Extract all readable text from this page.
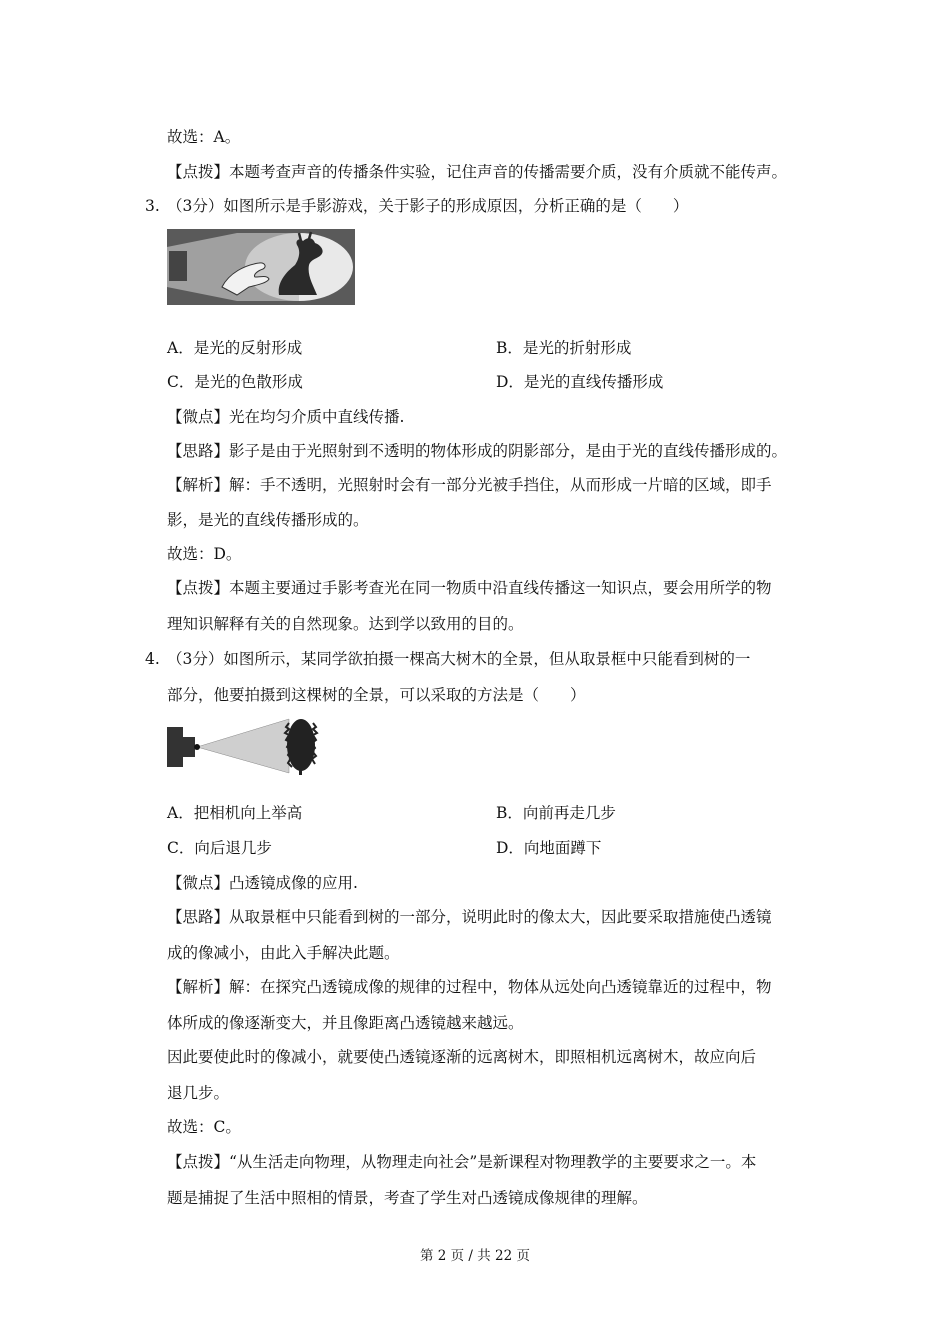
故选：A。
【点拨】本题考查声音的传播条件实验，记住声音的传播需要介质，没有介质就不能传声。
3. （3分）如图所示是手影游戏，关于影子的形成原因，分析正确的是（　　）
A．是光的反射形成	B．是光的折射形成
C．是光的色散形成	D．是光的直线传播形成
【微点】光在均匀介质中直线传播.
【思路】影子是由于光照射到不透明的物体形成的阴影部分，是由于光的直线传播形成的。
【解析】解：手不透明，光照射时会有一部分光被手挡住，从而形成一片暗的区域，即手
影，是光的直线传播形成的。
故选：D。
【点拨】本题主要通过手影考查光在同一物质中沿直线传播这一知识点，要会用所学的物
理知识解释有关的自然现象。达到学以致用的目的。
4. （3分）如图所示，某同学欲拍摄一棵高大树木的全景，但从取景框中只能看到树的一
部分，他要拍摄到这棵树的全景，可以采取的方法是（　　）
A．把相机向上举高	B．向前再走几步
C．向后退几步	D．向地面蹲下
【微点】凸透镜成像的应用.
【思路】从取景框中只能看到树的一部分，说明此时的像太大，因此要采取措施使凸透镜
成的像减小，由此入手解决此题。
【解析】解：在探究凸透镜成像的规律的过程中，物体从远处向凸透镜靠近的过程中，物
体所成的像逐渐变大，并且像距离凸透镜越来越远。
因此要使此时的像减小，就要使凸透镜逐渐的远离树木，即照相机远离树木，故应向后
退几步。
故选：C。
【点拨】“从生活走向物理，从物理走向社会”是新课程对物理教学的主要要求之一。本
题是捕捉了生活中照相的情景，考查了学生对凸透镜成像规律的理解。
第 2 页 / 共 22 页
